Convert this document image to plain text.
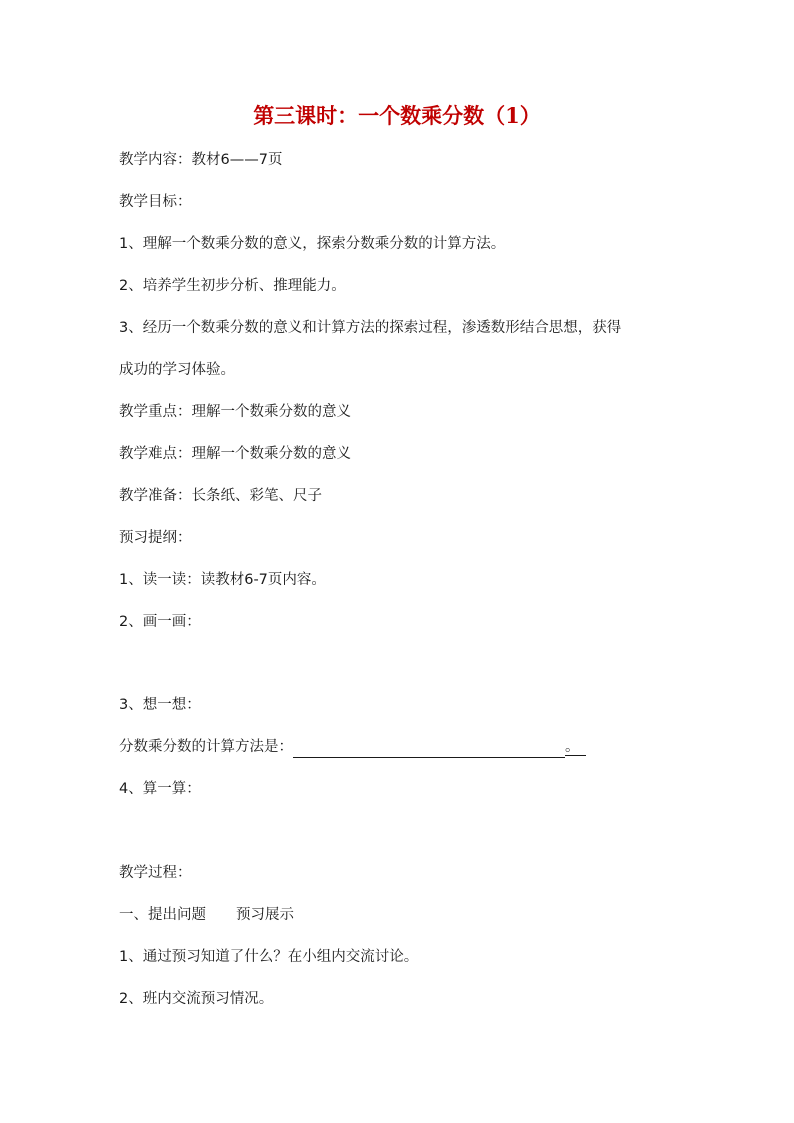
第三课时：一个数乘分数（1）
教学内容：教材6——7页
教学目标：
1、理解一个数乘分数的意义，探索分数乘分数的计算方法。
2、培养学生初步分析、推理能力。
3、经历一个数乘分数的意义和计算方法的探索过程，渗透数形结合思想，获得
成功的学习体验。
教学重点：理解一个数乘分数的意义
教学难点：理解一个数乘分数的意义
教学准备：长条纸、彩笔、尺子
预习提纲：
1、读一读：读教材6-7页内容。
2、画一画：
3、想一想：
分数乘分数的计算方法是：	。
4、算一算：
教学过程：
一、提出问题 预习展示
1、通过预习知道了什么？在小组内交流讨论。
2、班内交流预习情况。
